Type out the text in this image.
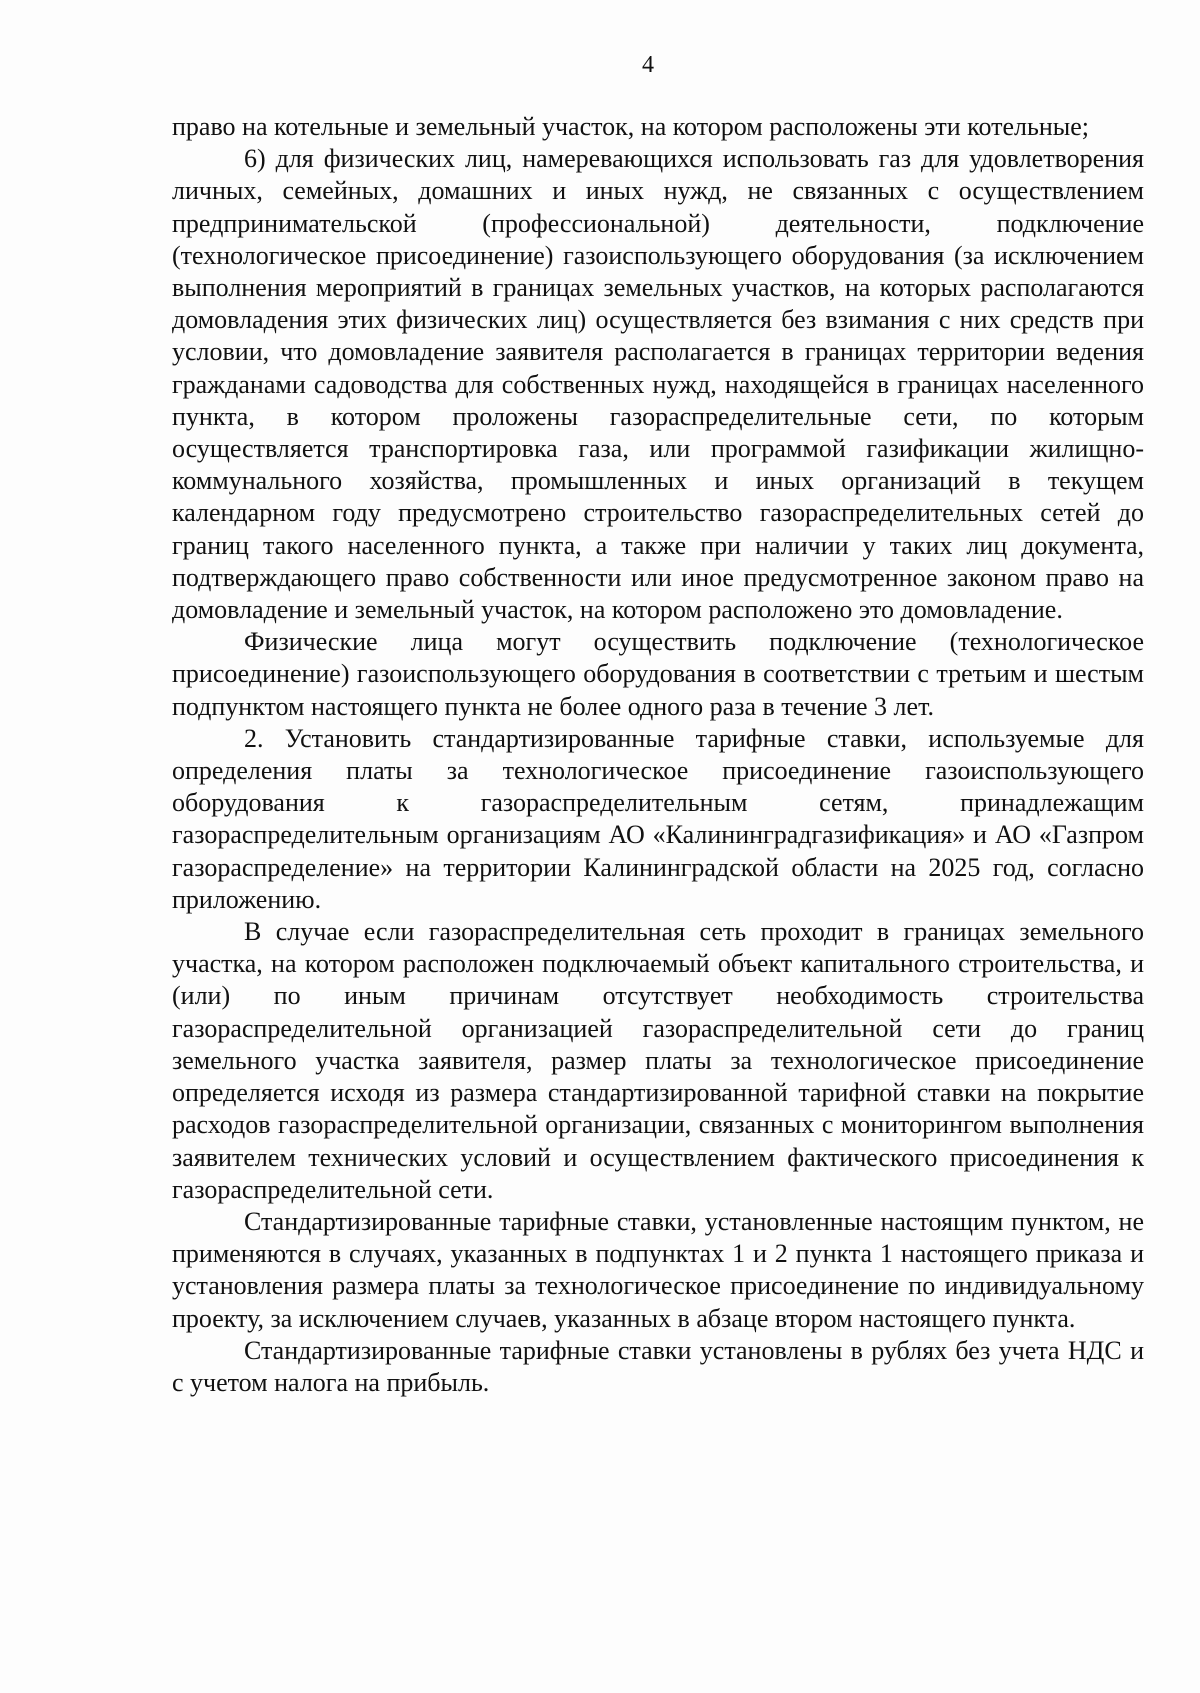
4

право на котельные и земельный участок, на котором расположены эти котельные;

6) для физических лиц, намеревающихся использовать газ для удовлетворения личных, семейных, домашних и иных нужд, не связанных с осуществлением предпринимательской (профессиональной) деятельности, подключение (технологическое присоединение) газоиспользующего оборудования (за исключением выполнения мероприятий в границах земельных участков, на которых располагаются домовладения этих физических лиц) осуществляется без взимания с них средств при условии, что домовладение заявителя располагается в границах территории ведения гражданами садоводства для собственных нужд, находящейся в границах населенного пункта, в котором проложены газораспределительные сети, по которым осуществляется транспортировка газа, или программой газификации жилищно-коммунального хозяйства, промышленных и иных организаций в текущем календарном году предусмотрено строительство газораспределительных сетей до границ такого населенного пункта, а также при наличии у таких лиц документа, подтверждающего право собственности или иное предусмотренное законом право на домовладение и земельный участок, на котором расположено это домовладение.

Физические лица могут осуществить подключение (технологическое присоединение) газоиспользующего оборудования в соответствии с третьим и шестым подпунктом настоящего пункта не более одного раза в течение 3 лет.

2. Установить стандартизированные тарифные ставки, используемые для определения платы за технологическое присоединение газоиспользующего оборудования к газораспределительным сетям, принадлежащим газораспределительным организациям АО «Калининградгазификация» и АО «Газпром газораспределение» на территории Калининградской области на 2025 год, согласно приложению.

В случае если газораспределительная сеть проходит в границах земельного участка, на котором расположен подключаемый объект капитального строительства, и (или) по иным причинам отсутствует необходимость строительства газораспределительной организацией газораспределительной сети до границ земельного участка заявителя, размер платы за технологическое присоединение определяется исходя из размера стандартизированной тарифной ставки на покрытие расходов газораспределительной организации, связанных с мониторингом выполнения заявителем технических условий и осуществлением фактического присоединения к газораспределительной сети.

Стандартизированные тарифные ставки, установленные настоящим пунктом, не применяются в случаях, указанных в подпунктах 1 и 2 пункта 1 настоящего приказа и установления размера платы за технологическое присоединение по индивидуальному проекту, за исключением случаев, указанных в абзаце втором настоящего пункта.

Стандартизированные тарифные ставки установлены в рублях без учета НДС и с учетом налога на прибыль.
